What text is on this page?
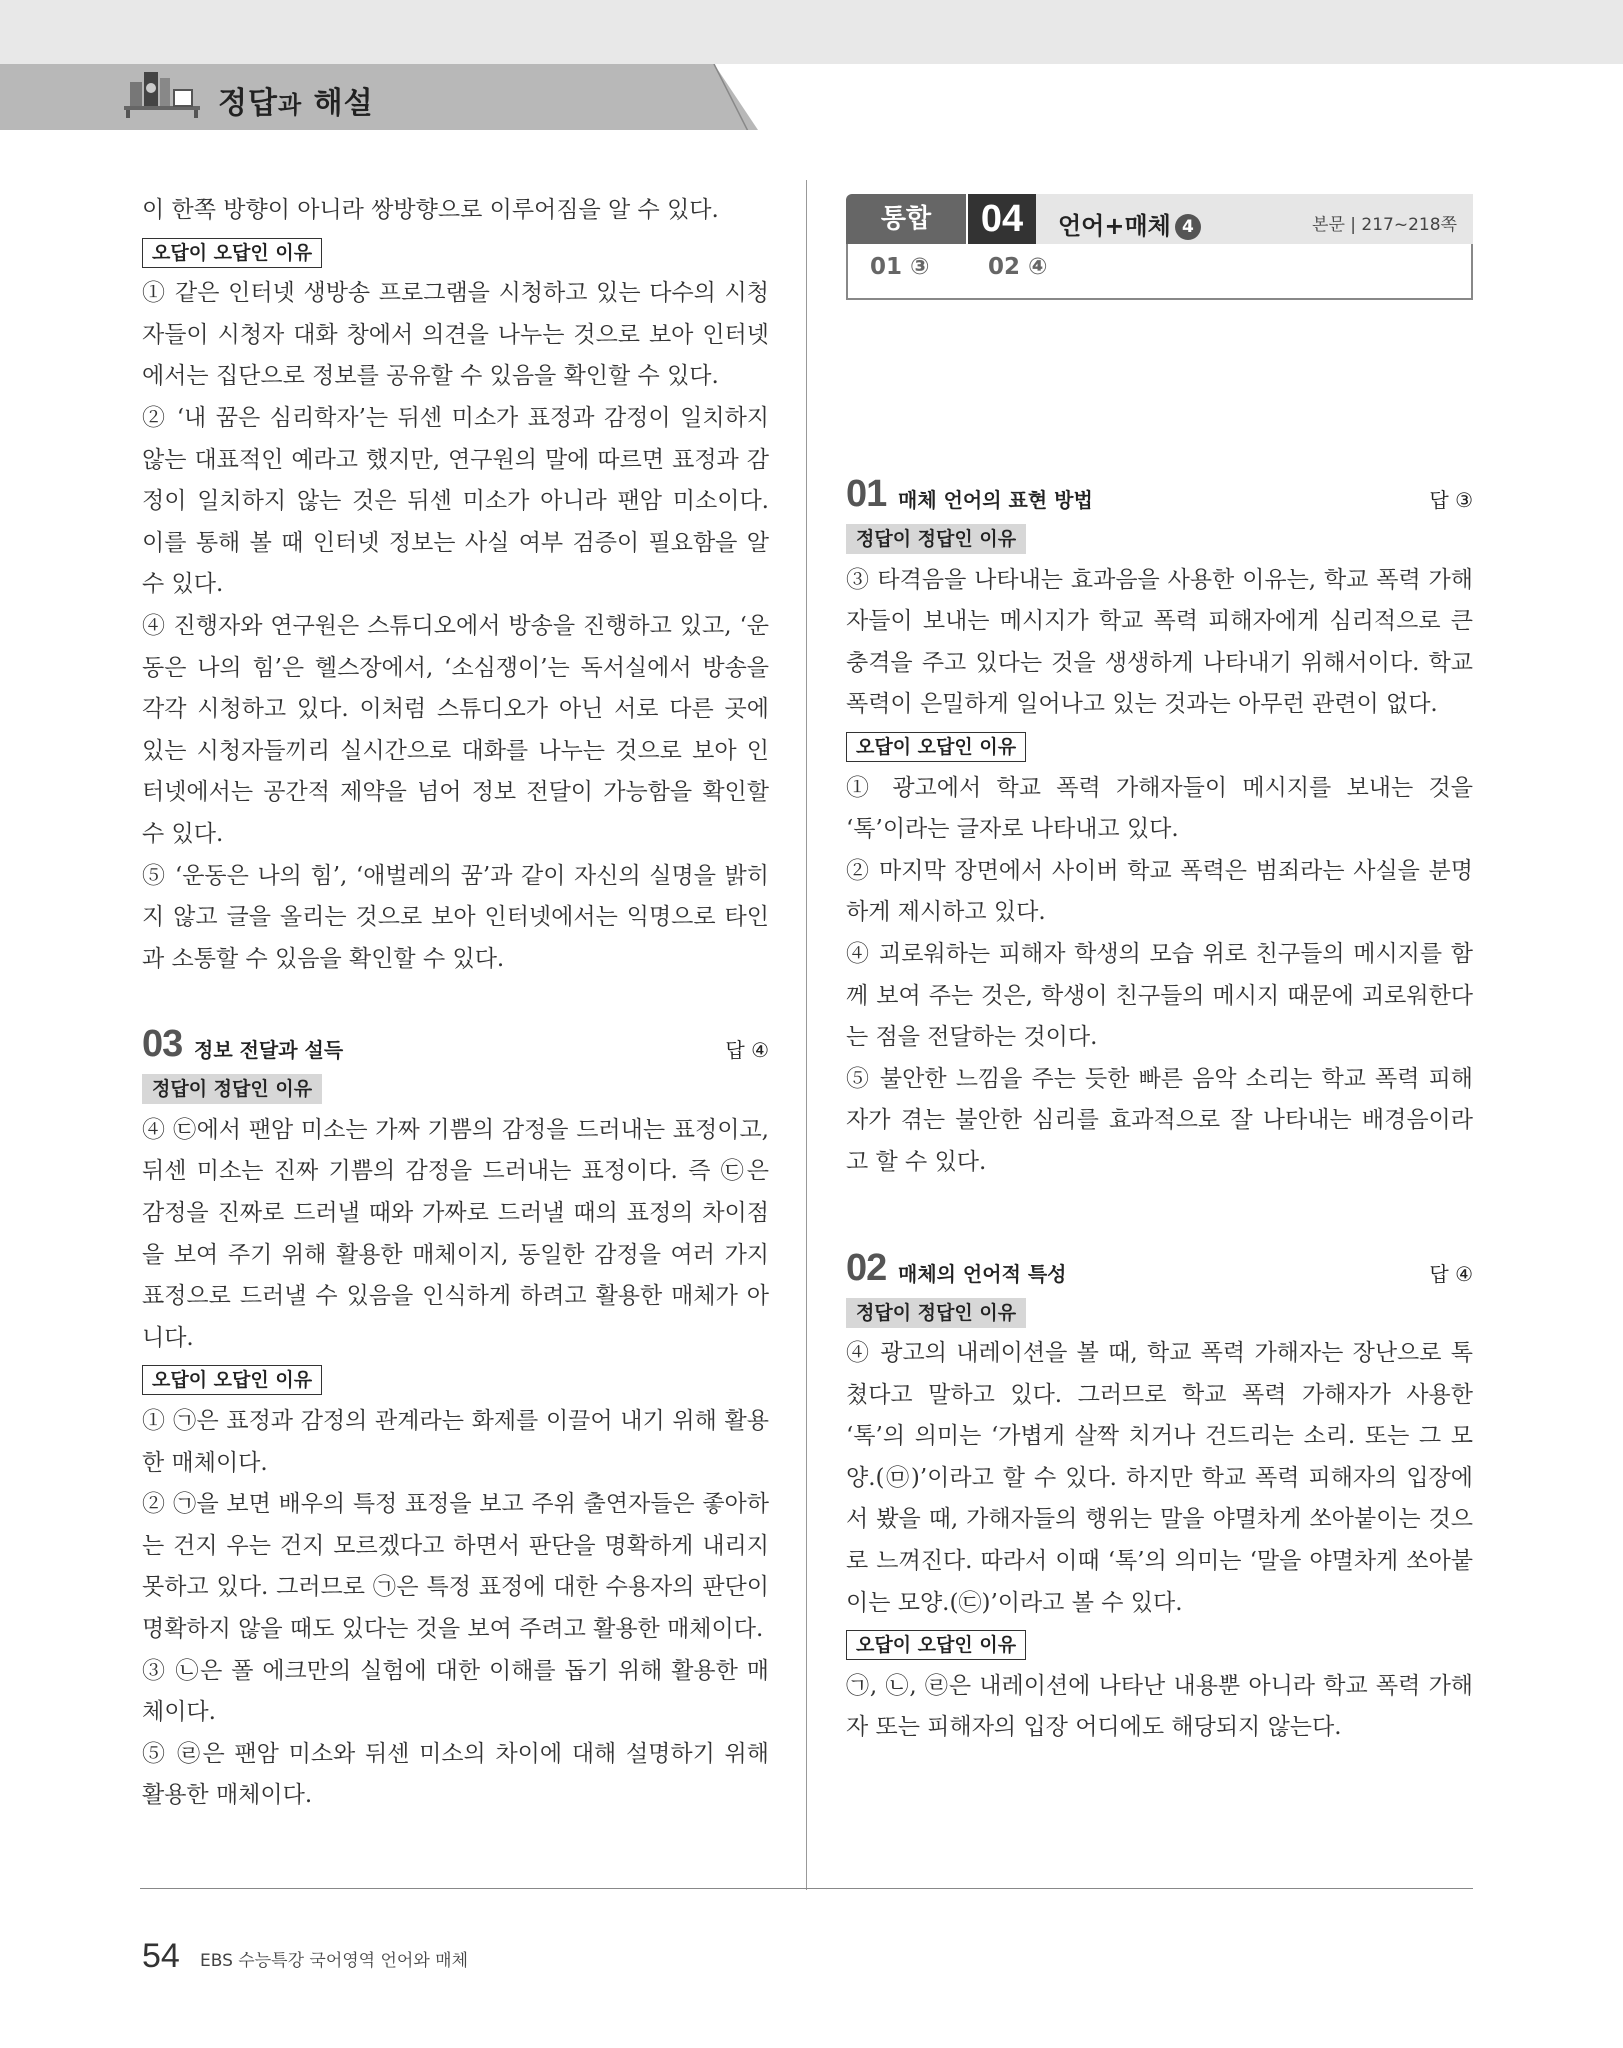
정답과 해설

이 한쪽 방향이 아니라 쌍방향으로 이루어짐을 알 수 있다.

오답이 오답인 이유

① 같은 인터넷 생방송 프로그램을 시청하고 있는 다수의 시청자들이 시청자 대화 창에서 의견을 나누는 것으로 보아 인터넷에서는 집단으로 정보를 공유할 수 있음을 확인할 수 있다.

② ‘내 꿈은 심리학자’는 뒤센 미소가 표정과 감정이 일치하지 않는 대표적인 예라고 했지만, 연구원의 말에 따르면 표정과 감정이 일치하지 않는 것은 뒤센 미소가 아니라 팬암 미소이다. 이를 통해 볼 때 인터넷 정보는 사실 여부 검증이 필요함을 알 수 있다.

④ 진행자와 연구원은 스튜디오에서 방송을 진행하고 있고, ‘운동은 나의 힘’은 헬스장에서, ‘소심쟁이’는 독서실에서 방송을 각각 시청하고 있다. 이처럼 스튜디오가 아닌 서로 다른 곳에 있는 시청자들끼리 실시간으로 대화를 나누는 것으로 보아 인터넷에서는 공간적 제약을 넘어 정보 전달이 가능함을 확인할 수 있다.

⑤ ‘운동은 나의 힘’, ‘애벌레의 꿈’과 같이 자신의 실명을 밝히지 않고 글을 올리는 것으로 보아 인터넷에서는 익명으로 타인과 소통할 수 있음을 확인할 수 있다.

03 정보 전달과 설득	답 ④
정답이 정답인 이유

④ ㉢에서 팬암 미소는 가짜 기쁨의 감정을 드러내는 표정이고, 뒤센 미소는 진짜 기쁨의 감정을 드러내는 표정이다. 즉 ㉢은 감정을 진짜로 드러낼 때와 가짜로 드러낼 때의 표정의 차이점을 보여 주기 위해 활용한 매체이지, 동일한 감정을 여러 가지 표정으로 드러낼 수 있음을 인식하게 하려고 활용한 매체가 아니다.

오답이 오답인 이유

① ㉠은 표정과 감정의 관계라는 화제를 이끌어 내기 위해 활용한 매체이다.

② ㉠을 보면 배우의 특정 표정을 보고 주위 출연자들은 좋아하는 건지 우는 건지 모르겠다고 하면서 판단을 명확하게 내리지 못하고 있다. 그러므로 ㉠은 특정 표정에 대한 수용자의 판단이 명확하지 않을 때도 있다는 것을 보여 주려고 활용한 매체이다.

③ ㉡은 폴 에크만의 실험에 대한 이해를 돕기 위해 활용한 매체이다.

⑤ ㉣은 팬암 미소와 뒤센 미소의 차이에 대해 설명하기 위해 활용한 매체이다.

통합	04	언어+매체 4	본문 | 217~218쪽
01 ③	02 ④
01 매체 언어의 표현 방법	답 ③
정답이 정답인 이유

③ 타격음을 나타내는 효과음을 사용한 이유는, 학교 폭력 가해자들이 보내는 메시지가 학교 폭력 피해자에게 심리적으로 큰 충격을 주고 있다는 것을 생생하게 나타내기 위해서이다. 학교 폭력이 은밀하게 일어나고 있는 것과는 아무런 관련이 없다.

오답이 오답인 이유

① 광고에서 학교 폭력 가해자들이 메시지를 보내는 것을 ‘톡’이라는 글자로 나타내고 있다.

② 마지막 장면에서 사이버 학교 폭력은 범죄라는 사실을 분명하게 제시하고 있다.

④ 괴로워하는 피해자 학생의 모습 위로 친구들의 메시지를 함께 보여 주는 것은, 학생이 친구들의 메시지 때문에 괴로워한다는 점을 전달하는 것이다.

⑤ 불안한 느낌을 주는 듯한 빠른 음악 소리는 학교 폭력 피해자가 겪는 불안한 심리를 효과적으로 잘 나타내는 배경음이라고 할 수 있다.

02 매체의 언어적 특성	답 ④
정답이 정답인 이유

④ 광고의 내레이션을 볼 때, 학교 폭력 가해자는 장난으로 톡 쳤다고 말하고 있다. 그러므로 학교 폭력 가해자가 사용한 ‘톡’의 의미는 ‘가볍게 살짝 치거나 건드리는 소리. 또는 그 모양.(㉤)’이라고 할 수 있다. 하지만 학교 폭력 피해자의 입장에서 봤을 때, 가해자들의 행위는 말을 야멸차게 쏘아붙이는 것으로 느껴진다. 따라서 이때 ‘톡’의 의미는 ‘말을 야멸차게 쏘아붙이는 모양.(㉢)’이라고 볼 수 있다.

오답이 오답인 이유

㉠, ㉡, ㉣은 내레이션에 나타난 내용뿐 아니라 학교 폭력 가해자 또는 피해자의 입장 어디에도 해당되지 않는다.

54 EBS 수능특강 국어영역 언어와 매체
